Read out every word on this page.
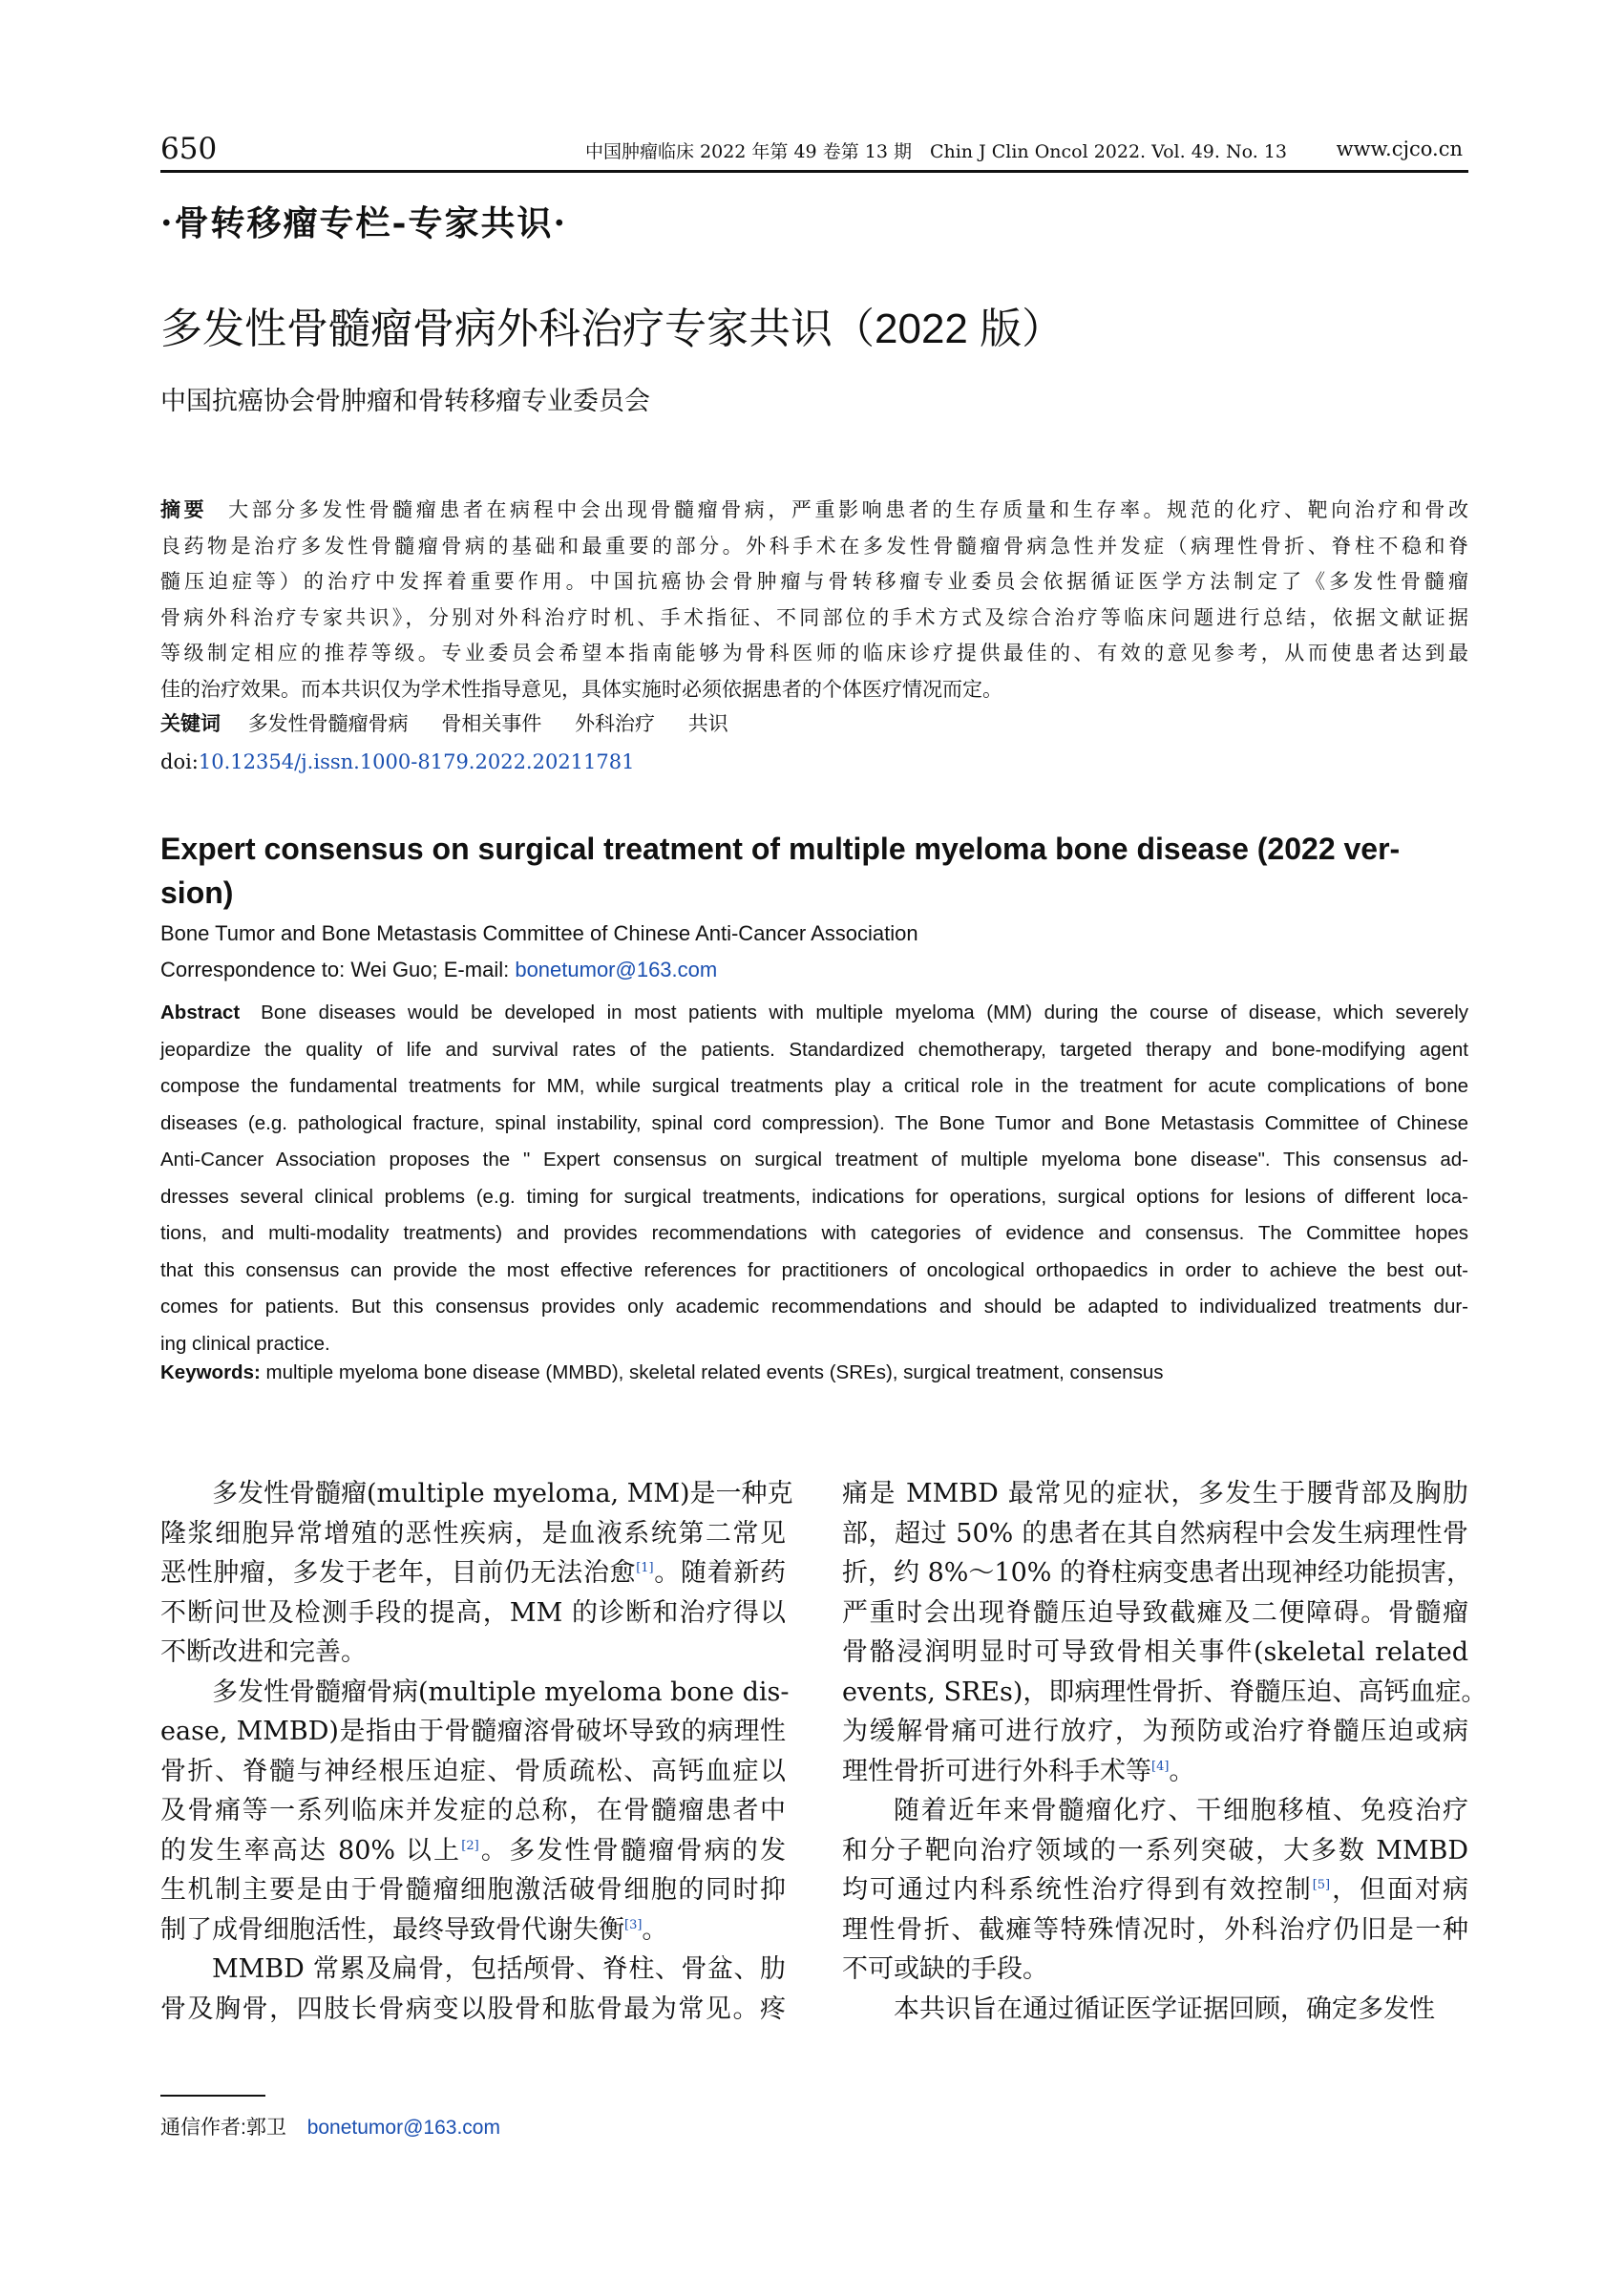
650	中国肿瘤临床 2022 年第 49 卷第 13 期　Chin J Clin Oncol 2022. Vol. 49. No. 13 www.cjco.cn
·骨转移瘤专栏-专家共识·
多发性骨髓瘤骨病外科治疗专家共识（2022 版）
中国抗癌协会骨肿瘤和骨转移瘤专业委员会
摘要 大部分多发性骨髓瘤患者在病程中会出现骨髓瘤骨病，严重影响患者的生存质量和生存率。规范的化疗、靶向治疗和骨改
良药物是治疗多发性骨髓瘤骨病的基础和最重要的部分。外科手术在多发性骨髓瘤骨病急性并发症（病理性骨折、脊柱不稳和脊
髓压迫症等）的治疗中发挥着重要作用。中国抗癌协会骨肿瘤与骨转移瘤专业委员会依据循证医学方法制定了《多发性骨髓瘤
骨病外科治疗专家共识》，分别对外科治疗时机、手术指征、不同部位的手术方式及综合治疗等临床问题进行总结，依据文献证据
等级制定相应的推荐等级。专业委员会希望本指南能够为骨科医师的临床诊疗提供最佳的、有效的意见参考，从而使患者达到最
佳的治疗效果。而本共识仅为学术性指导意见，具体实施时必须依据患者的个体医疗情况而定。
关键词 多发性骨髓瘤骨病 骨相关事件 外科治疗 共识
doi:10.12354/j.issn.1000-8179.2022.20211781
Expert consensus on surgical treatment of multiple myeloma bone disease (2022 ver-sion)
Bone Tumor and Bone Metastasis Committee of Chinese Anti-Cancer Association
Correspondence to: Wei Guo; E-mail: bonetumor@163.com
Abstract Bone diseases would be developed in most patients with multiple myeloma (MM) during the course of disease, which severely
jeopardize the quality of life and survival rates of the patients. Standardized chemotherapy, targeted therapy and bone-modifying agent
compose the fundamental treatments for MM, while surgical treatments play a critical role in the treatment for acute complications of bone
diseases (e.g. pathological fracture, spinal instability, spinal cord compression). The Bone Tumor and Bone Metastasis Committee of Chinese
Anti-Cancer Association proposes the " Expert consensus on surgical treatment of multiple myeloma bone disease". This consensus ad-
dresses several clinical problems (e.g. timing for surgical treatments, indications for operations, surgical options for lesions of different loca-
tions, and multi-modality treatments) and provides recommendations with categories of evidence and consensus. The Committee hopes
that this consensus can provide the most effective references for practitioners of oncological orthopaedics in order to achieve the best out-
comes for patients. But this consensus provides only academic recommendations and should be adapted to individualized treatments dur-
ing clinical practice.
Keywords: multiple myeloma bone disease (MMBD), skeletal related events (SREs), surgical treatment, consensus
多发性骨髓瘤(multiple myeloma, MM)是一种克
隆浆细胞异常增殖的恶性疾病，是血液系统第二常见
恶性肿瘤，多发于老年，目前仍无法治愈[1]。随着新药
不断问世及检测手段的提高，MM 的诊断和治疗得以
不断改进和完善。
多发性骨髓瘤骨病(multiple myeloma bone dis-
ease, MMBD)是指由于骨髓瘤溶骨破坏导致的病理性
骨折、脊髓与神经根压迫症、骨质疏松、高钙血症以
及骨痛等一系列临床并发症的总称，在骨髓瘤患者中
的发生率高达 80% 以上[2]。多发性骨髓瘤骨病的发
生机制主要是由于骨髓瘤细胞激活破骨细胞的同时抑
制了成骨细胞活性，最终导致骨代谢失衡[3]。
MMBD 常累及扁骨，包括颅骨、脊柱、骨盆、肋
骨及胸骨，四肢长骨病变以股骨和肱骨最为常见。疼
痛是 MMBD 最常见的症状，多发生于腰背部及胸肋
部，超过 50% 的患者在其自然病程中会发生病理性骨
折，约 8%～10% 的脊柱病变患者出现神经功能损害，
严重时会出现脊髓压迫导致截瘫及二便障碍。骨髓瘤
骨骼浸润明显时可导致骨相关事件(skeletal related
events, SREs)，即病理性骨折、脊髓压迫、高钙血症。
为缓解骨痛可进行放疗，为预防或治疗脊髓压迫或病
理性骨折可进行外科手术等[4]。
随着近年来骨髓瘤化疗、干细胞移植、免疫治疗
和分子靶向治疗领域的一系列突破，大多数 MMBD
均可通过内科系统性治疗得到有效控制[5]，但面对病
理性骨折、截瘫等特殊情况时，外科治疗仍旧是一种
不可或缺的手段。
本共识旨在通过循证医学证据回顾，确定多发性
通信作者:郭卫 bonetumor@163.com
